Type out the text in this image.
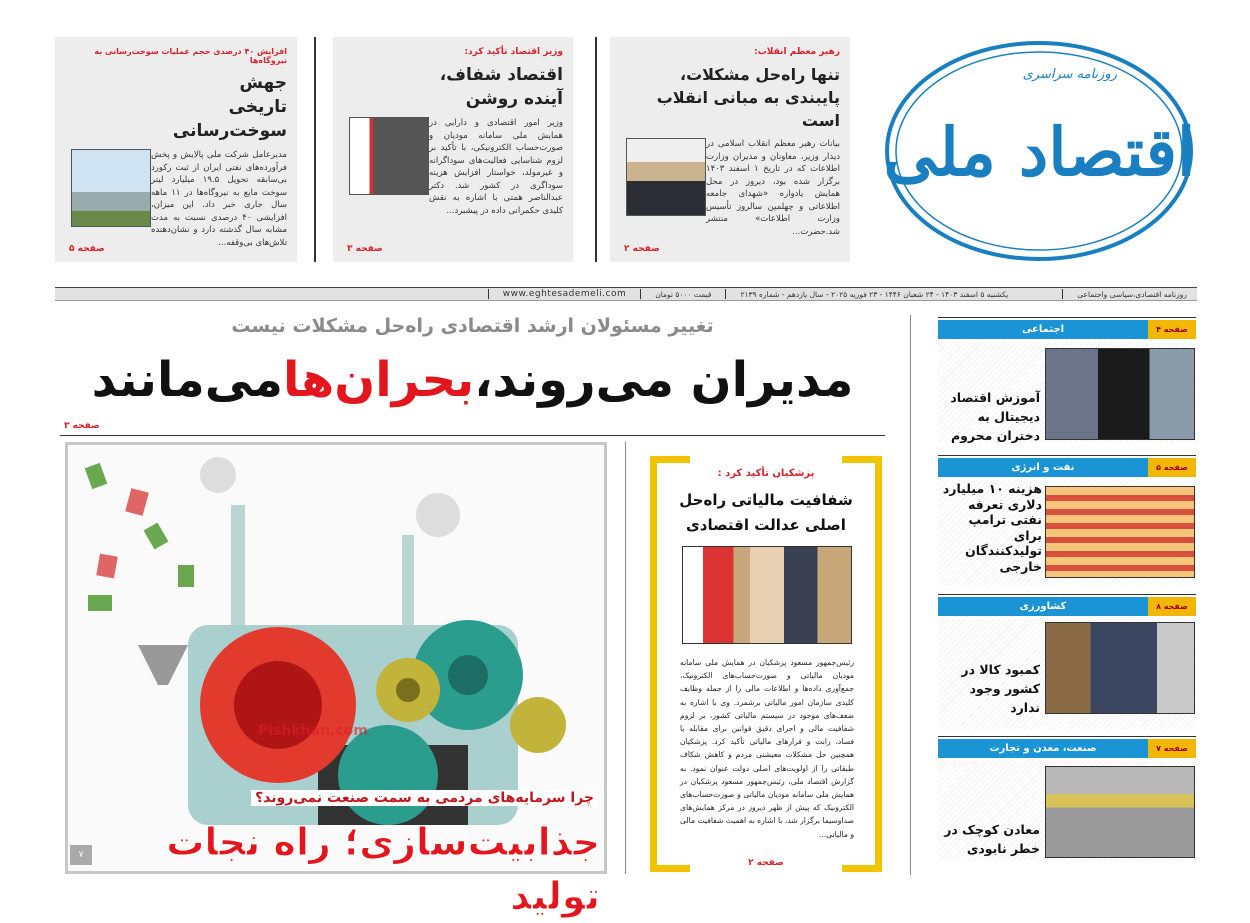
روزنامه سراسری
اقتصاد ملی
رهبر معظم انقلاب:
تنها راه‌حل مشکلات، پایبندی به مبانی انقلاب است
بیانات رهبر معظم انقلاب اسلامی در دیدار وزیر، معاونان و مدیران وزارت اطلاعات که در تاریخ ۱ اسفند ۱۴۰۳ برگزار شده بود، دیروز در محل همایش یادواره «شهدای جامعه اطلاعاتی و چهلمین سالروز تأسیس وزارت اطلاعات» منتشر شد.حضرت...
صفحه ۲
وزیر اقتصاد تأکید کرد:
اقتصاد شفاف، آینده روشن
وزیر امور اقتصادی و دارایی در همایش ملی سامانه مودیان و صورت‌حساب الکترونیکی، با تأکید بر لزوم شناسایی فعالیت‌های سوداگرانه و غیرمولد، خواستار افزایش هزینه سوداگری در کشور شد. دکتر عبدالناصر همتی با اشاره به نقش کلیدی حکمرانی داده در پیشبرد...
صفحه ۳
افزایش ۴۰ درصدی حجم عملیات سوخت‌رسانی به نیروگاه‌ها
جهش تاریخی سوخت‌رسانی
مدیرعامل شرکت ملی پالایش و پخش فرآورده‌های نفتی ایران از ثبت رکورد بی‌سابقه تحویل ۱۹.۵ میلیارد لیتر سوخت مایع به نیروگاه‌ها در ۱۱ ماهه سال جاری خبر داد. این میزان، افزایشی ۴۰ درصدی نسبت به مدت مشابه سال گذشته دارد و نشان‌دهنده تلاش‌های بی‌وقفه...
صفحه ۵
روزنامه اقتصادی،سیاسی واجتماعی
یکشنبه ۵ اسفند ۱۴۰۳ - ۲۴ شعبان ۱۴۴۶ - ۲۳ فوریه ۲۰۲۵ - سال یازدهم - شماره ۲۱۳۹
قیمت ۵۰۰۰ تومان
www.eghtesademeli.com
تغییر مسئولان ارشد اقتصادی راه‌حل مشکلات نیست
مدیران می‌روند،بحران‌هامی‌مانند
صفحه ۳
Pishkhan.com
چرا سرمایه‌های مردمی به سمت صنعت نمی‌روند؟
جذابیت‌سازی؛ راه نجات تولید
۷
پزشکیان تأکید کرد :
شفافیت مالیاتی راه‌حل اصلی عدالت اقتصادی
رئیس‌جمهور مسعود پزشکیان در همایش ملی سامانه مودیان مالیاتی و صورت‌حساب‌های الکترونیک، جمع‌آوری داده‌ها و اطلاعات مالی را از جمله وظایف کلیدی سازمان امور مالیاتی برشمرد. وی با اشاره به ضعف‌های موجود در سیستم مالیاتی کشور، بر لزوم شفافیت مالی و اجرای دقیق قوانین برای مقابله با فساد، رانت و فرارهای مالیاتی تأکید کرد. پزشکیان همچنین حل مشکلات معیشتی مردم و کاهش شکاف طبقاتی را از اولویت‌های اصلی دولت عنوان نمود. به گزارش اقتصاد ملی، رئیس‌جمهور مسعود پزشکیان در همایش ملی سامانه مودیان مالیاتی و صورت‌حساب‌های الکترونیک که پیش از ظهر دیروز در مرکز همایش‌های صداوسیما برگزار شد، با اشاره به اهمیت شفافیت مالی و مالیاتی...
صفحه ۲
صفحه ۴
اجتماعی
آموزش اقتصاد دیجیتال به دختران محروم
صفحه ۵
نفت و انرژی
هزینه ۱۰ میلیارد دلاری تعرفه نفتی ترامپ برای تولیدکنندگان خارجی
صفحه ۸
کشاورزی
کمبود کالا در کشور وجود ندارد
صفحه ۷
صنعت، معدن و تجارت
معادن کوچک در خطر نابودی
